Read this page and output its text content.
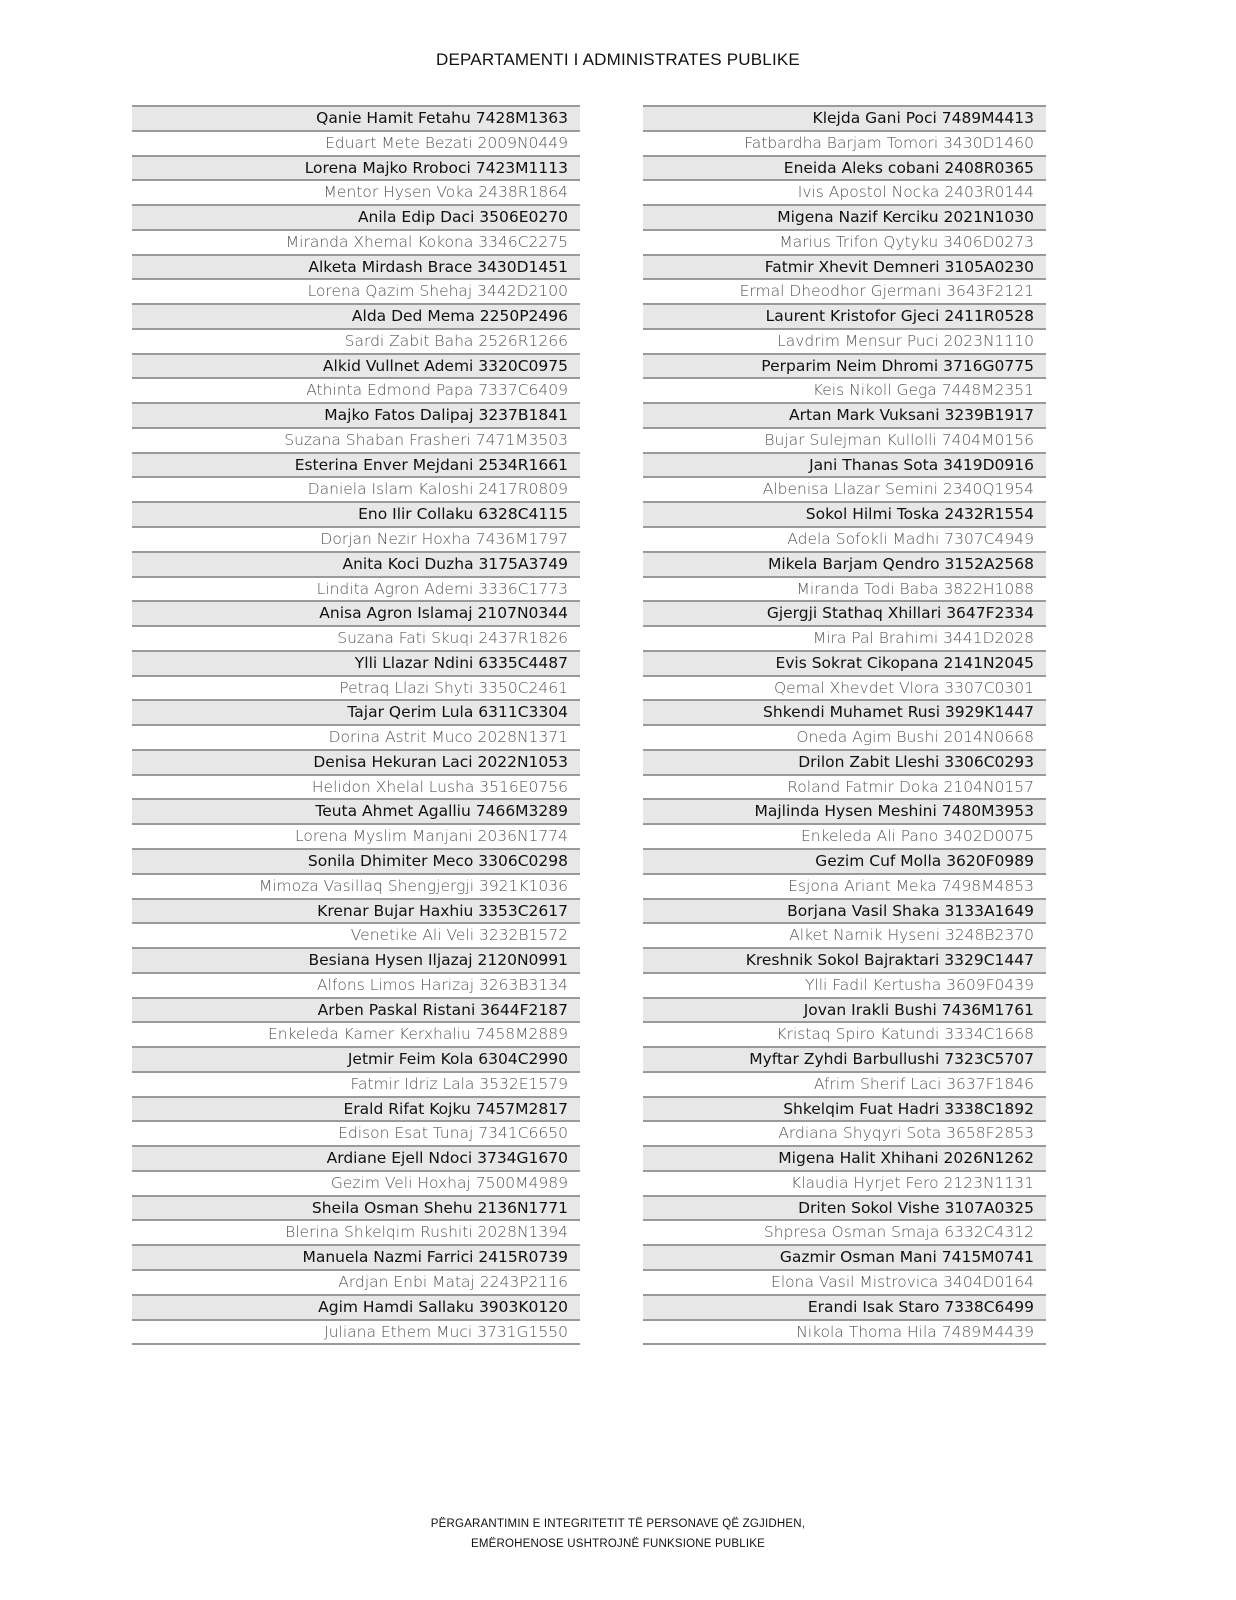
DEPARTAMENTI I ADMINISTRATES PUBLIKE
Qanie Hamit Fetahu 7428M1363
Eduart Mete Bezati 2009N0449
Lorena Majko Rroboci 7423M1113
Mentor Hysen Voka 2438R1864
Anila Edip Daci 3506E0270
Miranda Xhemal Kokona 3346C2275
Alketa Mirdash Brace 3430D1451
Lorena Qazim Shehaj 3442D2100
Alda Ded Mema 2250P2496
Sardi Zabit Baha 2526R1266
Alkid Vullnet Ademi 3320C0975
Athinta Edmond Papa 7337C6409
Majko Fatos Dalipaj 3237B1841
Suzana Shaban Frasheri 7471M3503
Esterina Enver Mejdani 2534R1661
Daniela Islam Kaloshi 2417R0809
Eno Ilir Collaku 6328C4115
Dorjan Nezir Hoxha 7436M1797
Anita Koci Duzha 3175A3749
Lindita Agron Ademi 3336C1773
Anisa Agron Islamaj 2107N0344
Suzana Fati Skuqi 2437R1826
Ylli Llazar Ndini 6335C4487
Petraq Llazi Shyti 3350C2461
Tajar Qerim Lula 6311C3304
Dorina Astrit Muco 2028N1371
Denisa Hekuran Laci 2022N1053
Helidon Xhelal Lusha 3516E0756
Teuta Ahmet Agalliu 7466M3289
Lorena Myslim Manjani 2036N1774
Sonila Dhimiter Meco 3306C0298
Mimoza Vasillaq Shengjergji 3921K1036
Krenar Bujar Haxhiu 3353C2617
Venetike Ali Veli 3232B1572
Besiana Hysen Iljazaj 2120N0991
Alfons Limos Harizaj 3263B3134
Arben Paskal Ristani 3644F2187
Enkeleda Kamer Kerxhaliu 7458M2889
Jetmir Feim Kola 6304C2990
Fatmir Idriz Lala 3532E1579
Erald Rifat Kojku 7457M2817
Edison Esat Tunaj 7341C6650
Ardiane Ejell Ndoci 3734G1670
Gezim Veli Hoxhaj 7500M4989
Sheila Osman Shehu 2136N1771
Blerina Shkelqim Rushiti 2028N1394
Manuela Nazmi Farrici 2415R0739
Ardjan Enbi Mataj 2243P2116
Agim Hamdi Sallaku 3903K0120
Juliana Ethem Muci 3731G1550
Klejda Gani Poci 7489M4413
Fatbardha Barjam Tomori 3430D1460
Eneida Aleks cobani 2408R0365
Ivis Apostol Nocka 2403R0144
Migena Nazif Kerciku 2021N1030
Marius Trifon Qytyku 3406D0273
Fatmir Xhevit Demneri 3105A0230
Ermal Dheodhor Gjermani 3643F2121
Laurent Kristofor Gjeci 2411R0528
Lavdrim Mensur Puci 2023N1110
Perparim Neim Dhromi 3716G0775
Keis Nikoll Gega 7448M2351
Artan Mark Vuksani 3239B1917
Bujar Sulejman Kullolli 7404M0156
Jani Thanas Sota 3419D0916
Albenisa Llazar Semini 2340Q1954
Sokol Hilmi Toska 2432R1554
Adela Sofokli Madhi 7307C4949
Mikela Barjam Qendro 3152A2568
Miranda Todi Baba 3822H1088
Gjergji Stathaq Xhillari 3647F2334
Mira Pal Brahimi 3441D2028
Evis Sokrat Cikopana 2141N2045
Qemal Xhevdet Vlora 3307C0301
Shkendi Muhamet Rusi 3929K1447
Oneda Agim Bushi 2014N0668
Drilon Zabit Lleshi 3306C0293
Roland Fatmir Doka 2104N0157
Majlinda Hysen Meshini 7480M3953
Enkeleda Ali Pano 3402D0075
Gezim Cuf Molla 3620F0989
Esjona Ariant Meka 7498M4853
Borjana Vasil Shaka 3133A1649
Alket Namik Hyseni 3248B2370
Kreshnik Sokol Bajraktari 3329C1447
Ylli Fadil Kertusha 3609F0439
Jovan Irakli Bushi 7436M1761
Kristaq Spiro Katundi 3334C1668
Myftar Zyhdi Barbullushi 7323C5707
Afrim Sherif Laci 3637F1846
Shkelqim Fuat Hadri 3338C1892
Ardiana Shyqyri Sota 3658F2853
Migena Halit Xhihani 2026N1262
Klaudia Hyrjet Fero 2123N1131
Driten Sokol Vishe 3107A0325
Shpresa Osman Smaja 6332C4312
Gazmir Osman Mani 7415M0741
Elona Vasil Mistrovica 3404D0164
Erandi Isak Staro 7338C6499
Nikola Thoma Hila 7489M4439
PËRGARANTIMIN E INTEGRITETIT TË PERSONAVE QË ZGJIDHEN,
EMËROHENOSE USHTROJNË FUNKSIONE PUBLIKE
